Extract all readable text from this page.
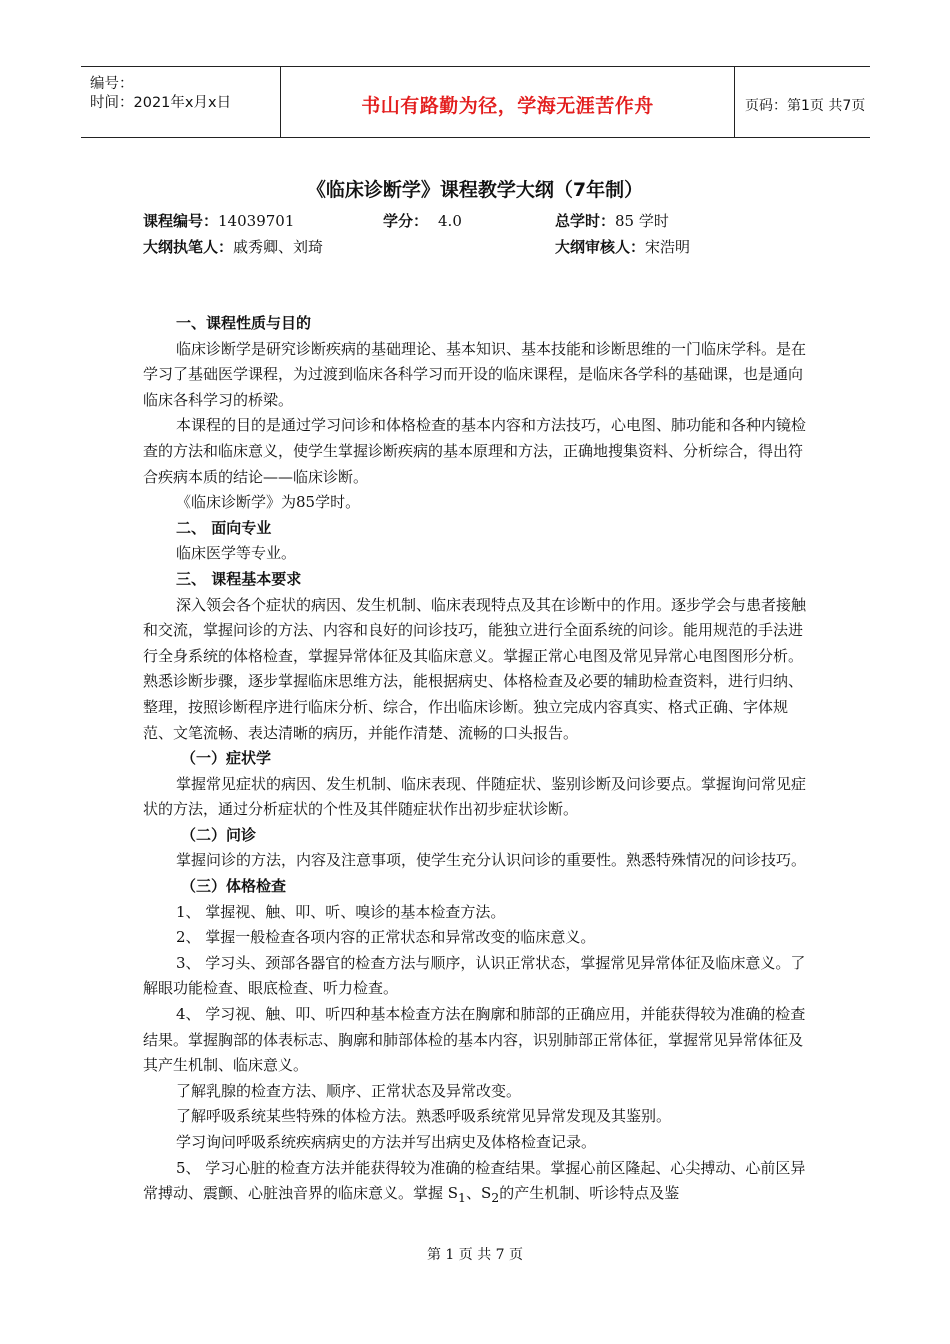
编号：
时间：2021年x月x日	书山有路勤为径，学海无涯苦作舟	页码：第1页 共7页
《临床诊断学》课程教学大纲（7年制）
课程编号：14039701	学分： 4.0	总学时：85 学时
大纲执笔人：戚秀卿、刘琦	大纲审核人：宋浩明

一、课程性质与目的

临床诊断学是研究诊断疾病的基础理论、基本知识、基本技能和诊断思维的一门临床学科。是在学习了基础医学课程，为过渡到临床各科学习而开设的临床课程，是临床各学科的基础课，也是通向临床各科学习的桥梁。

本课程的目的是通过学习问诊和体格检查的基本内容和方法技巧，心电图、肺功能和各种内镜检查的方法和临床意义，使学生掌握诊断疾病的基本原理和方法，正确地搜集资料、分析综合，得出符合疾病本质的结论——临床诊断。

《临床诊断学》为85学时。

二、 面向专业

临床医学等专业。

三、 课程基本要求

深入领会各个症状的病因、发生机制、临床表现特点及其在诊断中的作用。逐步学会与患者接触和交流，掌握问诊的方法、内容和良好的问诊技巧，能独立进行全面系统的问诊。能用规范的手法进行全身系统的体格检查，掌握异常体征及其临床意义。掌握正常心电图及常见异常心电图图形分析。熟悉诊断步骤，逐步掌握临床思维方法，能根据病史、体格检查及必要的辅助检查资料，进行归纳、整理，按照诊断程序进行临床分析、综合，作出临床诊断。独立完成内容真实、格式正确、字体规范、文笔流畅、表达清晰的病历，并能作清楚、流畅的口头报告。

（一）症状学

掌握常见症状的病因、发生机制、临床表现、伴随症状、鉴别诊断及问诊要点。掌握询问常见症状的方法，通过分析症状的个性及其伴随症状作出初步症状诊断。

（二）问诊

掌握问诊的方法，内容及注意事项，使学生充分认识问诊的重要性。熟悉特殊情况的问诊技巧。

（三）体格检查

1、 掌握视、触、叩、听、嗅诊的基本检查方法。

2、 掌握一般检查各项内容的正常状态和异常改变的临床意义。

3、 学习头、颈部各器官的检查方法与顺序，认识正常状态，掌握常见异常体征及临床意义。了解眼功能检查、眼底检查、听力检查。

4、 学习视、触、叩、听四种基本检查方法在胸廓和肺部的正确应用，并能获得较为准确的检查结果。掌握胸部的体表标志、胸廓和肺部体检的基本内容，识别肺部正常体征，掌握常见异常体征及其产生机制、临床意义。

了解乳腺的检查方法、顺序、正常状态及异常改变。

了解呼吸系统某些特殊的体检方法。熟悉呼吸系统常见异常发现及其鉴别。

学习询问呼吸系统疾病病史的方法并写出病史及体格检查记录。

5、 学习心脏的检查方法并能获得较为准确的检查结果。掌握心前区隆起、心尖搏动、心前区异常搏动、震颤、心脏浊音界的临床意义。掌握 $S_1$、$S_2$的产生机制、听诊特点及鉴

第 1 页 共 7 页
